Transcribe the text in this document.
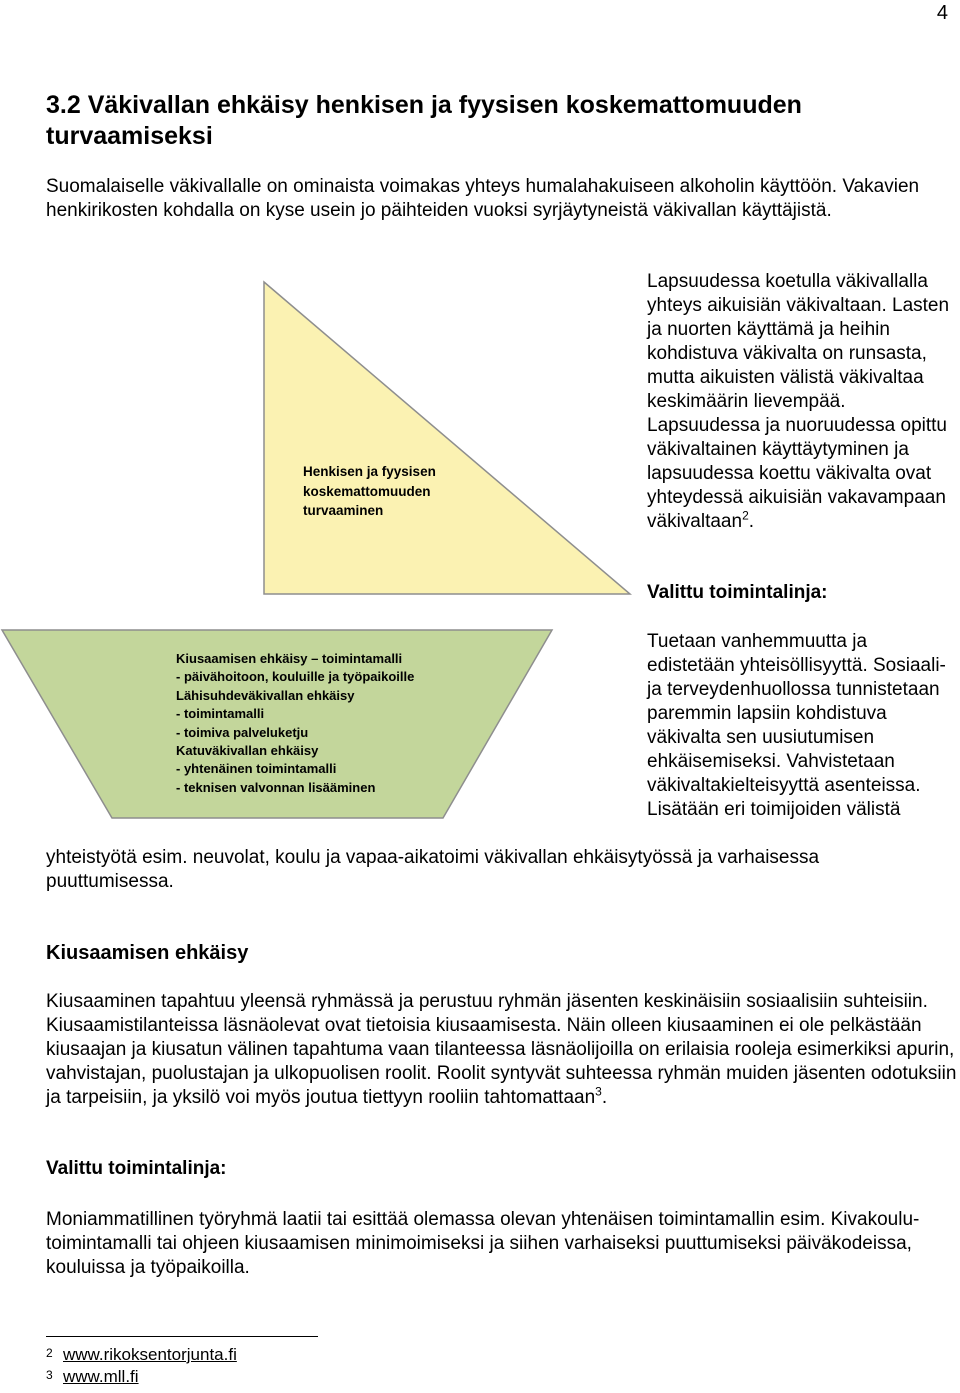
4
3.2 Väkivallan ehkäisy henkisen ja fyysisen koskemattomuuden turvaamiseksi
Suomalaiselle väkivallalle on ominaista voimakas yhteys humalahakuiseen alkoholin käyttöön. Vakavien henkirikosten kohdalla on kyse usein jo päihteiden vuoksi syrjäytyneistä väkivallan käyttäjistä.
Henkisen ja fyysisen
koskemattomuuden
turvaaminen
Lapsuudessa koetulla väkivallalla yhteys aikuisiän väkivaltaan. Lasten ja nuorten käyttämä ja heihin kohdistuva väkivalta on runsasta, mutta aikuisten välistä väkivaltaa keskimäärin lievempää. Lapsuudessa ja nuoruudessa opittu väkivaltainen käyttäytyminen ja lapsuudessa koettu väkivalta ovat yhteydessä aikuisiän vakavampaan väkivaltaan$^2$.
Valittu toimintalinja:
Tuetaan vanhemmuutta ja edistetään yhteisöllisyyttä. Sosiaali- ja terveydenhuollossa tunnistetaan paremmin lapsiin kohdistuva väkivalta sen uusiutumisen ehkäisemiseksi. Vahvistetaan väkivaltakielteisyyttä asenteissa. Lisätään eri toimijoiden välistä
Kiusaamisen ehkäisy – toimintamalli
- päivähoitoon, kouluille ja työpaikoille
Lähisuhdeväkivallan ehkäisy
- toimintamalli
- toimiva palveluketju
Katuväkivallan ehkäisy
- yhtenäinen toimintamalli
- teknisen valvonnan lisääminen
yhteistyötä esim. neuvolat, koulu ja vapaa-aikatoimi väkivallan ehkäisytyössä ja varhaisessa puuttumisessa.
Kiusaamisen ehkäisy
Kiusaaminen tapahtuu yleensä ryhmässä ja perustuu ryhmän jäsenten keskinäisiin sosiaalisiin suhteisiin. Kiusaamistilanteissa läsnäolevat ovat tietoisia kiusaamisesta. Näin olleen kiusaaminen ei ole pelkästään kiusaajan ja kiusatun välinen tapahtuma vaan tilanteessa läsnäolijoilla on erilaisia rooleja esimerkiksi apurin, vahvistajan, puolustajan ja ulkopuolisen roolit. Roolit syntyvät suhteessa ryhmän muiden jäsenten odotuksiin ja tarpeisiin, ja yksilö voi myös joutua tiettyyn rooliin tahtomattaan$^3$.
Valittu toimintalinja:
Moniammatillinen työryhmä laatii tai esittää olemassa olevan yhtenäisen toimintamallin esim. Kivakoulu- toimintamalli tai ohjeen kiusaamisen minimoimiseksi ja siihen varhaiseksi puuttumiseksi päiväkodeissa, kouluissa ja työpaikoilla.
2 www.rikoksentorjunta.fi
3 www.mll.fi
